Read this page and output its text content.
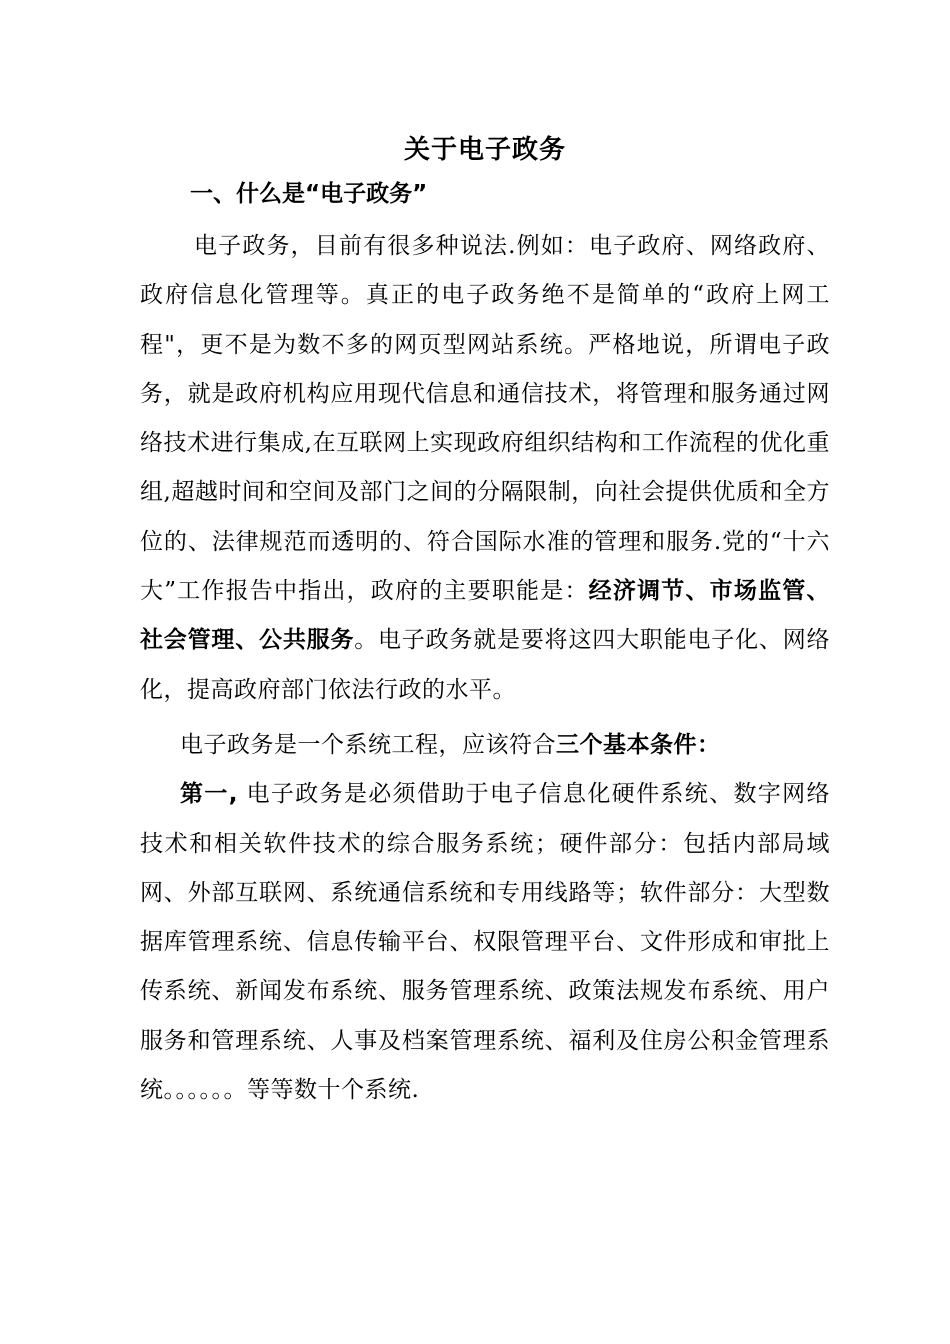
关于电子政务
一、什么是“电子政务”

电子政务，目前有很多种说法.例如：电子政府、网络政府、政府信息化管理等。真正的电子政务绝不是简单的“政府上网工程"，更不是为数不多的网页型网站系统。严格地说，所谓电子政务，就是政府机构应用现代信息和通信技术，将管理和服务通过网络技术进行集成,在互联网上实现政府组织结构和工作流程的优化重组,超越时间和空间及部门之间的分隔限制，向社会提供优质和全方位的、法律规范而透明的、符合国际水准的管理和服务.党的“十六大”工作报告中指出，政府的主要职能是：经济调节、市场监管、社会管理、公共服务。电子政务就是要将这四大职能电子化、网络化，提高政府部门依法行政的水平。

电子政务是一个系统工程，应该符合三个基本条件：

第一, 电子政务是必须借助于电子信息化硬件系统、数字网络技术和相关软件技术的综合服务系统；硬件部分：包括内部局域网、外部互联网、系统通信系统和专用线路等；软件部分：大型数据库管理系统、信息传输平台、权限管理平台、文件形成和审批上传系统、新闻发布系统、服务管理系统、政策法规发布系统、用户服务和管理系统、人事及档案管理系统、福利及住房公积金管理系统。。。。。。等等数十个系统.
